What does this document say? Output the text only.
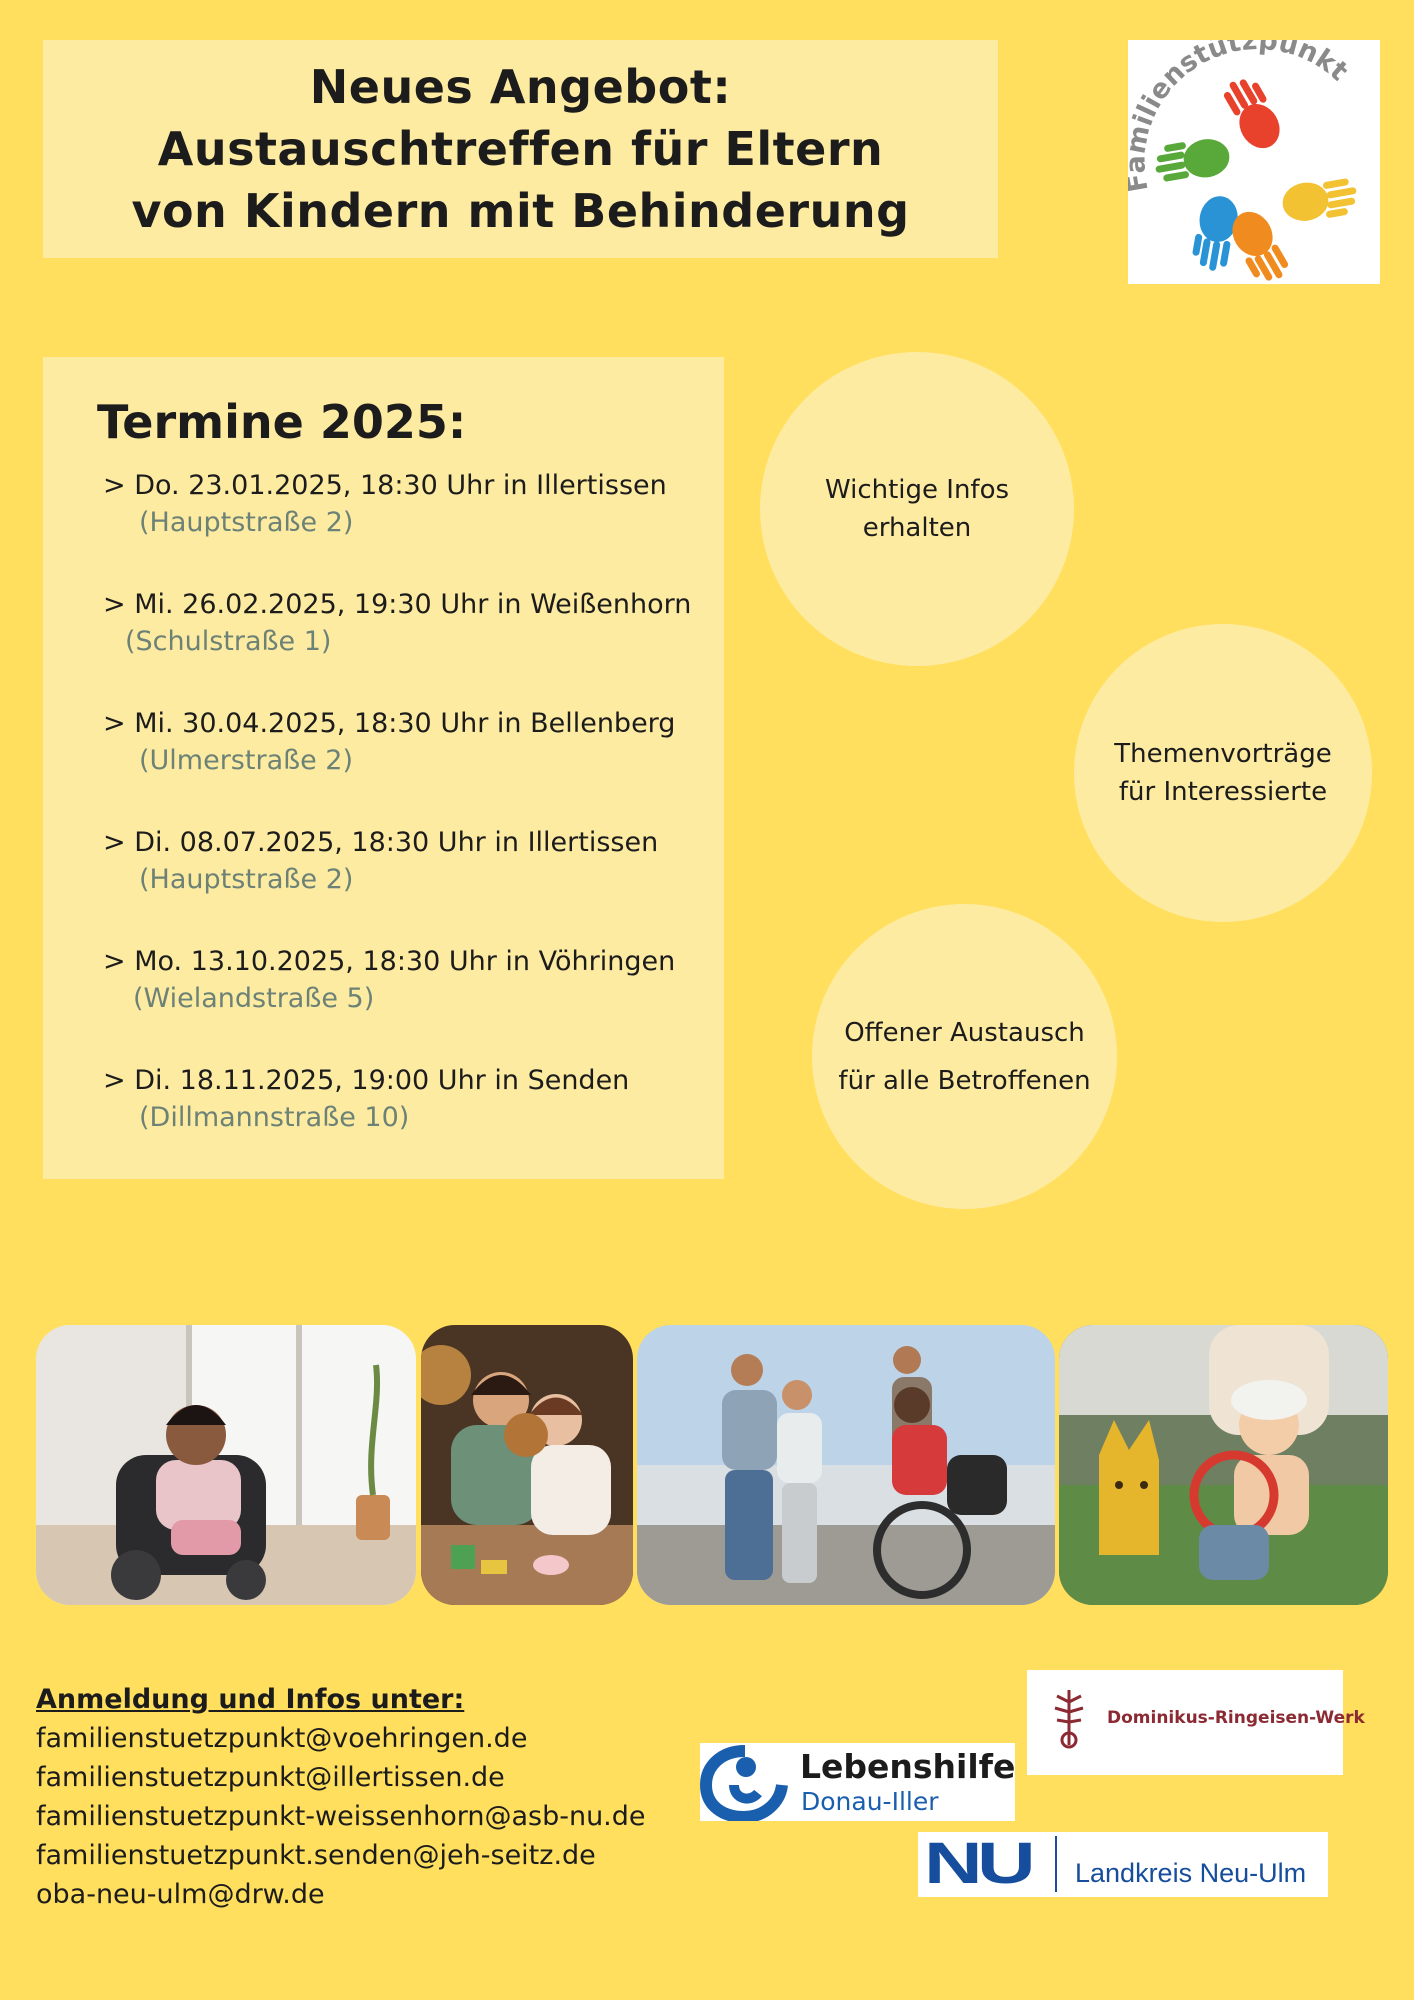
Neues Angebot:
Austauschtreffen für Eltern
von Kindern mit Behinderung
ilienstützpunkt
Termine 2025:
> Do. 23.01.2025, 18:30 Uhr in Illertissen
(Hauptstraße 2)
> Mi. 26.02.2025, 19:30 Uhr in Weißenhorn
(Schulstraße 1)
> Mi. 30.04.2025, 18:30 Uhr in Bellenberg
(Ulmerstraße 2)
> Di. 08.07.2025, 18:30 Uhr in Illertissen
(Hauptstraße 2)
> Mo. 13.10.2025, 18:30 Uhr in Vöhringen
(Wielandstraße 5)
> Di. 18.11.2025, 19:00 Uhr in Senden
(Dillmannstraße 10)
Wichtige Infos
erhalten
Themenvorträge
für Interessierte
Offener Austausch
für alle Betroffenen
Anmeldung und Infos unter:
familienstuetzpunkt@voehringen.de
familienstuetzpunkt@illertissen.de
familienstuetzpunkt-weissenhorn@asb-nu.de
familienstuetzpunkt.senden@jeh-seitz.de
oba-neu-ulm@drw.de
Dominikus-Ringeisen-Werk
Lebenshilfe
Donau-Iller
NU Landkreis Neu-Ulm
